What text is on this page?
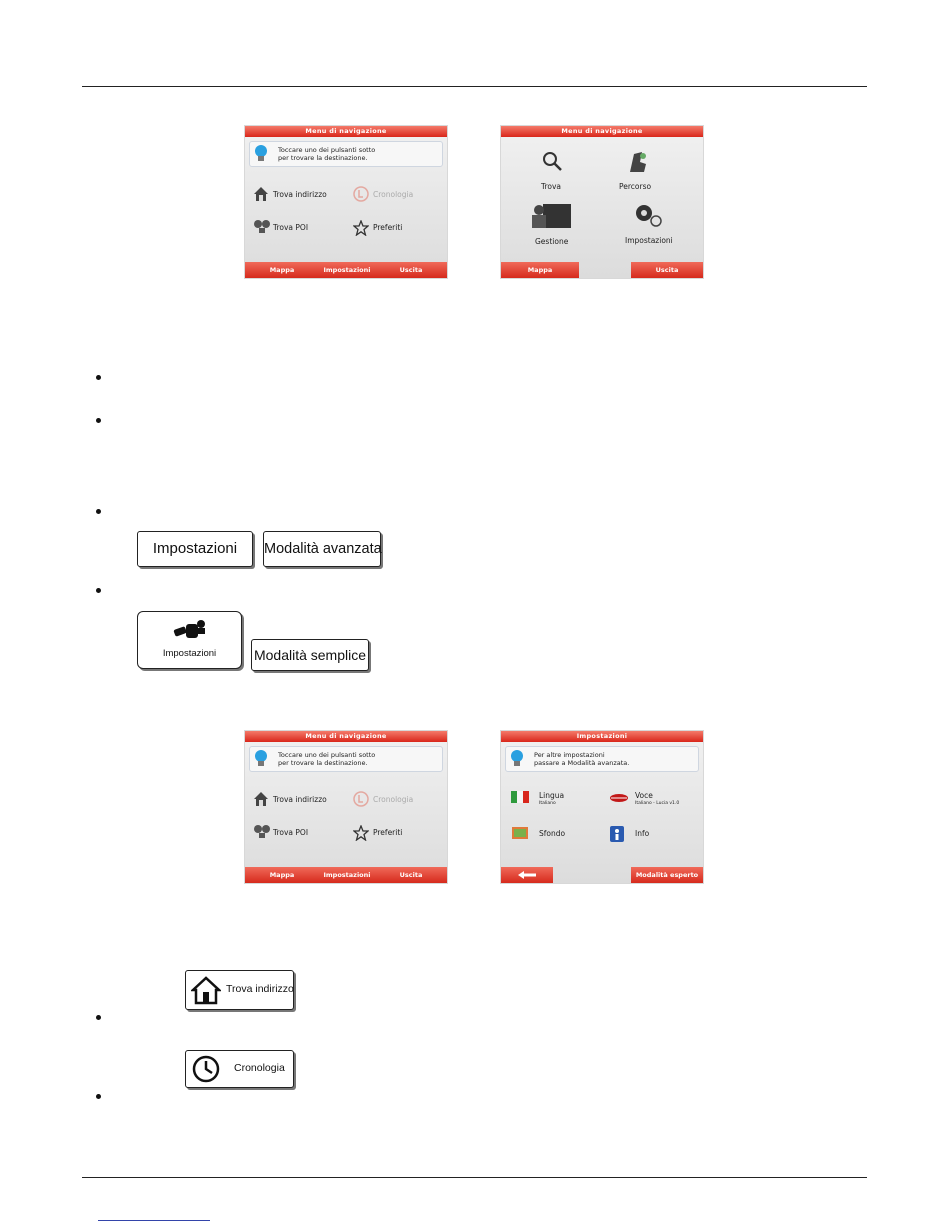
Menu di navigazione
Toccare uno dei pulsanti sotto
per trovare la destinazione.
Trova indirizzo	Cronologia
Trova POI	Preferiti
Mappa	Impostazioni	Uscita
Menu di navigazione
Trova	Percorso
Gestione	Impostazioni
Mappa	Uscita
Impostazioni	Modalità avanzata
Impostazioni	Modalità semplice
Menu di navigazione
Toccare uno dei pulsanti sotto
per trovare la destinazione.
Trova indirizzo	Cronologia
Trova POI	Preferiti
Mappa	Impostazioni	Uscita
Impostazioni
Per altre impostazioni
passare a Modalità avanzata.
Lingua
Italiano
Voce
Italiano - Lucia v1.0
Sfondo	Info
Modalità esperto
Trova indirizzo
Cronologia
